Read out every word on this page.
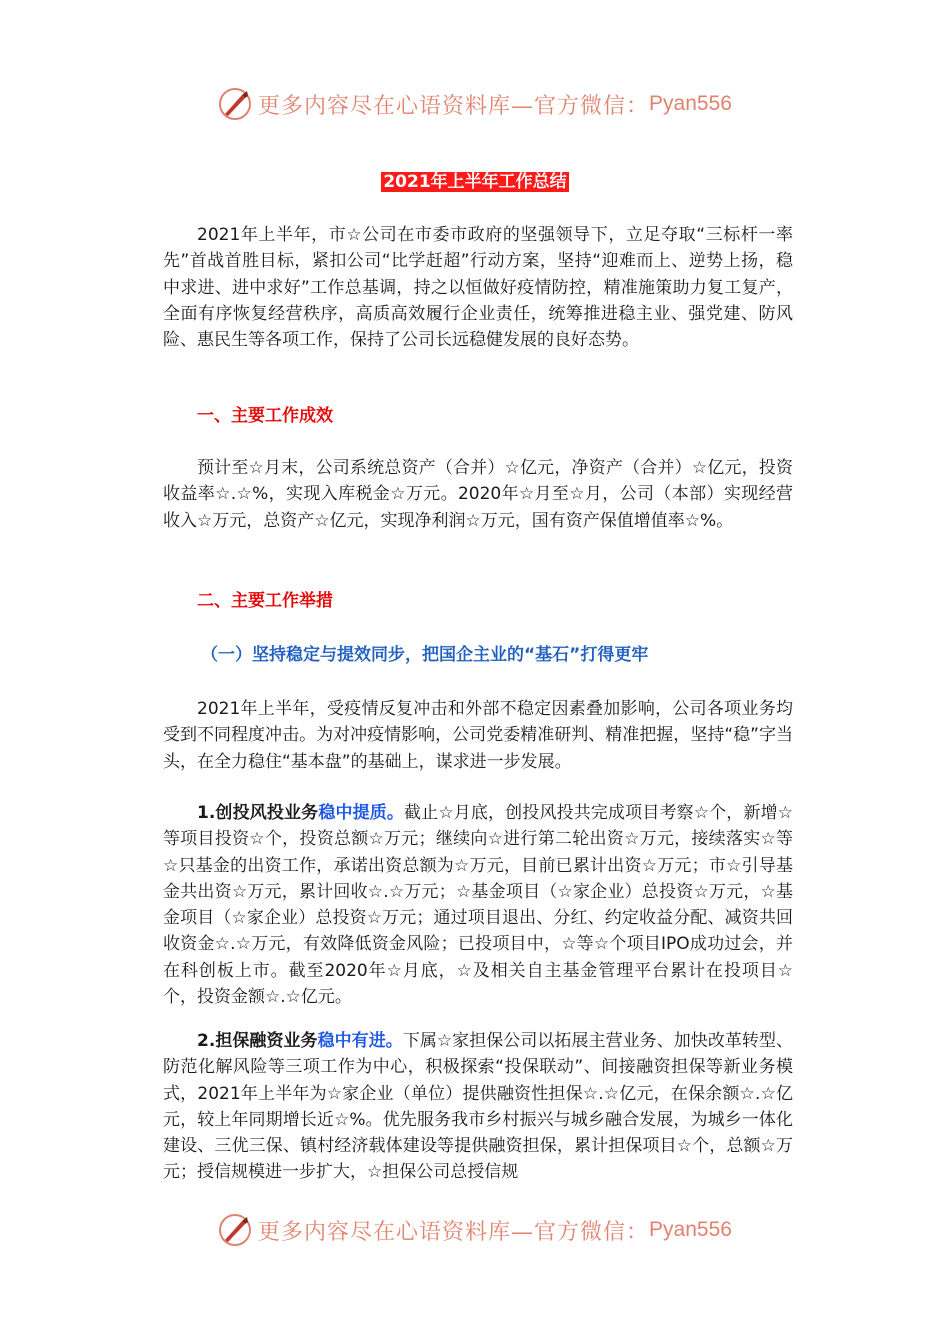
更多内容尽在心语资料库—官方微信： Pyan556
2021年上半年工作总结

2021年上半年，市☆公司在市委市政府的坚强领导下，立足夺取“三标杆一率先”首战首胜目标，紧扣公司“比学赶超”行动方案，坚持“迎难而上、逆势上扬，稳中求进、进中求好”工作总基调，持之以恒做好疫情防控，精准施策助力复工复产，全面有序恢复经营秩序，高质高效履行企业责任，统筹推进稳主业、强党建、防风险、惠民生等各项工作，保持了公司长远稳健发展的良好态势。

一、主要工作成效

预计至☆月末，公司系统总资产（合并）☆亿元，净资产（合并）☆亿元，投资收益率☆.☆%，实现入库税金☆万元。2020年☆月至☆月，公司（本部）实现经营收入☆万元，总资产☆亿元，实现净利润☆万元，国有资产保值增值率☆%。

二、主要工作举措

（一）坚持稳定与提效同步，把国企主业的“基石”打得更牢

2021年上半年，受疫情反复冲击和外部不稳定因素叠加影响，公司各项业务均受到不同程度冲击。为对冲疫情影响，公司党委精准研判、精准把握，坚持“稳”字当头，在全力稳住“基本盘”的基础上，谋求进一步发展。

1.创投风投业务稳中提质。截止☆月底，创投风投共完成项目考察☆个，新增☆等项目投资☆个，投资总额☆万元；继续向☆进行第二轮出资☆万元，接续落实☆等☆只基金的出资工作，承诺出资总额为☆万元，目前已累计出资☆万元；市☆引导基金共出资☆万元，累计回收☆.☆万元；☆基金项目（☆家企业）总投资☆万元，☆基金项目（☆家企业）总投资☆万元；通过项目退出、分红、约定收益分配、减资共回收资金☆.☆万元，有效降低资金风险；已投项目中，☆等☆个项目IPO成功过会，并在科创板上市。截至2020年☆月底，☆及相关自主基金管理平台累计在投项目☆个，投资金额☆.☆亿元。

2.担保融资业务稳中有进。下属☆家担保公司以拓展主营业务、加快改革转型、防范化解风险等三项工作为中心，积极探索“投保联动”、间接融资担保等新业务模式，2021年上半年为☆家企业（单位）提供融资性担保☆.☆亿元，在保余额☆.☆亿元，较上年同期增长近☆%。优先服务我市乡村振兴与城乡融合发展，为城乡一体化建设、三优三保、镇村经济载体建设等提供融资担保，累计担保项目☆个，总额☆万元；授信规模进一步扩大，☆担保公司总授信规

更多内容尽在心语资料库—官方微信： Pyan556
